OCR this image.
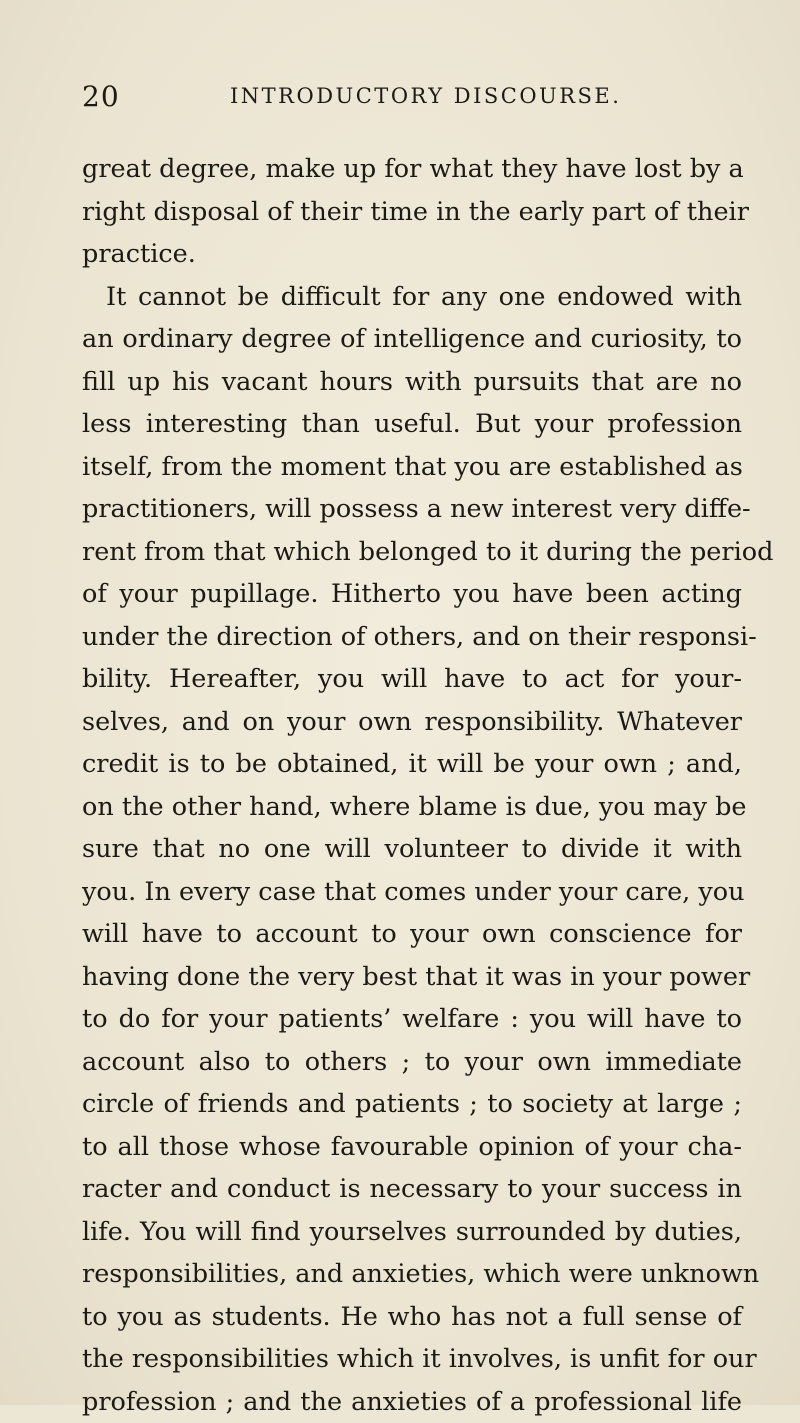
20	INTRODUCTORY DISCOURSE.
great degree, make up for what they have lost by a
right disposal of their time in the early part of their
practice.
It cannot be difficult for any one endowed with
an ordinary degree of intelligence and curiosity, to
fill up his vacant hours with pursuits that are no
less interesting than useful. But your profession
itself, from the moment that you are established as
practitioners, will possess a new interest very diffe-
rent from that which belonged to it during the period
of your pupillage. Hitherto you have been acting
under the direction of others, and on their responsi-
bility. Hereafter, you will have to act for your-
selves, and on your own responsibility. Whatever
credit is to be obtained, it will be your own ; and,
on the other hand, where blame is due, you may be
sure that no one will volunteer to divide it with
you. In every case that comes under your care, you
will have to account to your own conscience for
having done the very best that it was in your power
to do for your patients’ welfare : you will have to
account also to others ; to your own immediate
circle of friends and patients ; to society at large ;
to all those whose favourable opinion of your cha-
racter and conduct is necessary to your success in
life. You will find yourselves surrounded by duties,
responsibilities, and anxieties, which were unknown
to you as students. He who has not a full sense of
the responsibilities which it involves, is unfit for our
profession ; and the anxieties of a professional life
